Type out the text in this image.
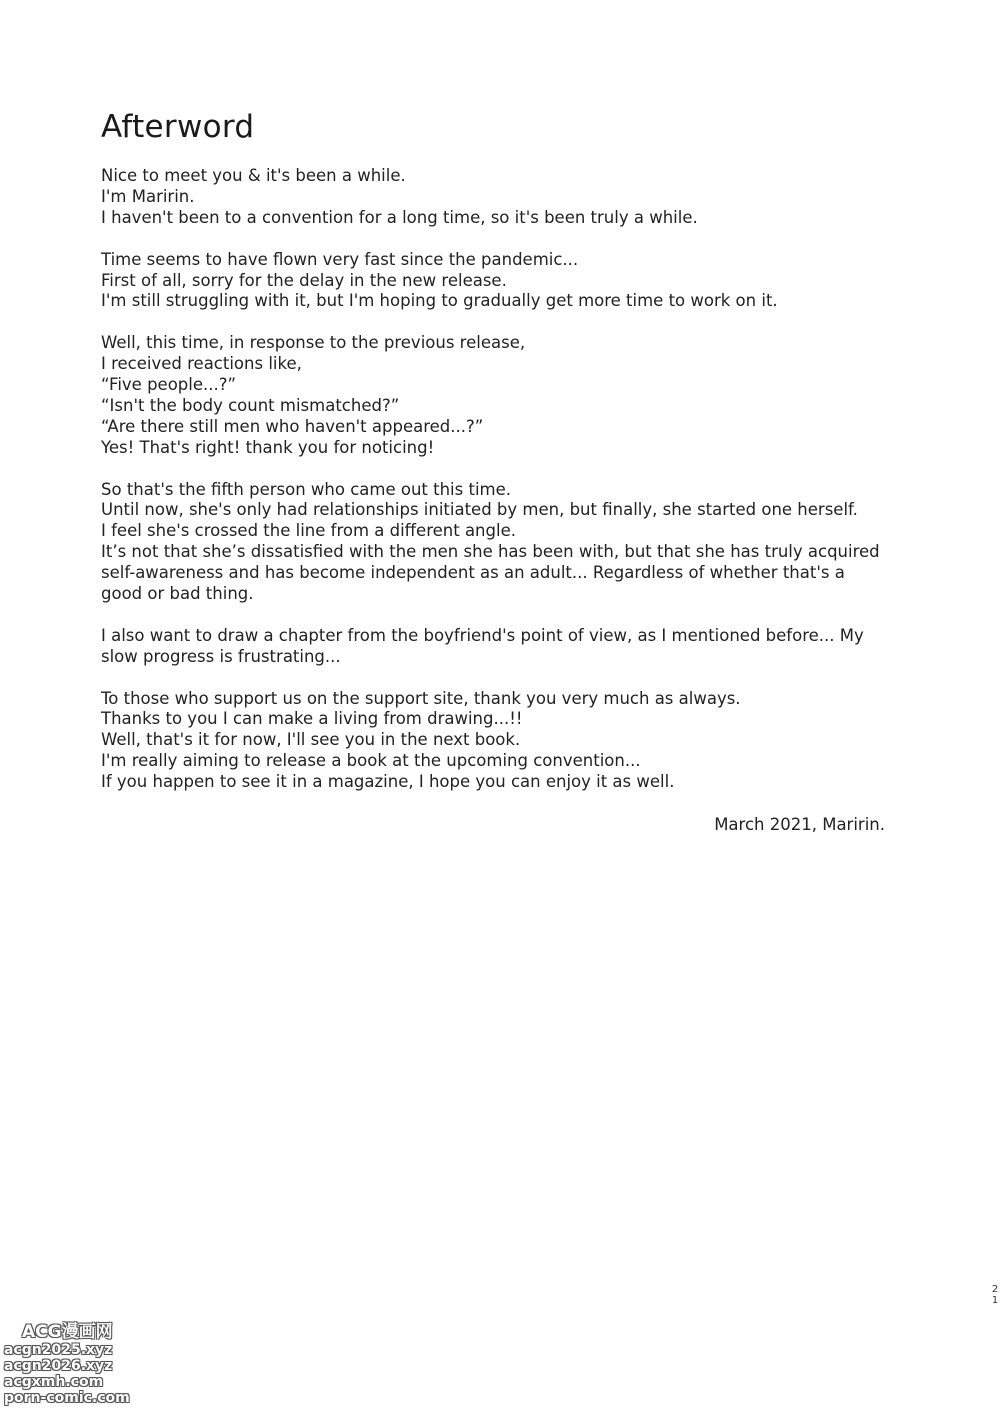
Afterword

Nice to meet you & it's been a while.
I'm Maririn.
I haven't been to a convention for a long time, so it's been truly a while.

Time seems to have flown very fast since the pandemic...
First of all, sorry for the delay in the new release.
I'm still struggling with it, but I'm hoping to gradually get more time to work on it.

Well, this time, in response to the previous release,
I received reactions like,
“Five people...?”
“Isn't the body count mismatched?”
“Are there still men who haven't appeared...?”
Yes! That's right! thank you for noticing!

So that's the fifth person who came out this time.
Until now, she's only had relationships initiated by men, but finally, she started one herself.
I feel she's crossed the line from a different angle.
It’s not that she’s dissatisfied with the men she has been with, but that she has truly acquired
self-awareness and has become independent as an adult... Regardless of whether that's a
good or bad thing.

I also want to draw a chapter from the boyfriend's point of view, as I mentioned before... My
slow progress is frustrating...

To those who support us on the support site, thank you very much as always.
Thanks to you I can make a living from drawing...!!
Well, that's it for now, I'll see you in the next book.
I'm really aiming to release a book at the upcoming convention...
If you happen to see it in a magazine, I hope you can enjoy it as well.

March 2021, Maririn.
2
1
ACG漫画网
acgn2025.xyz
acgn2026.xyz
acgxmh.com
porn-comic.com
